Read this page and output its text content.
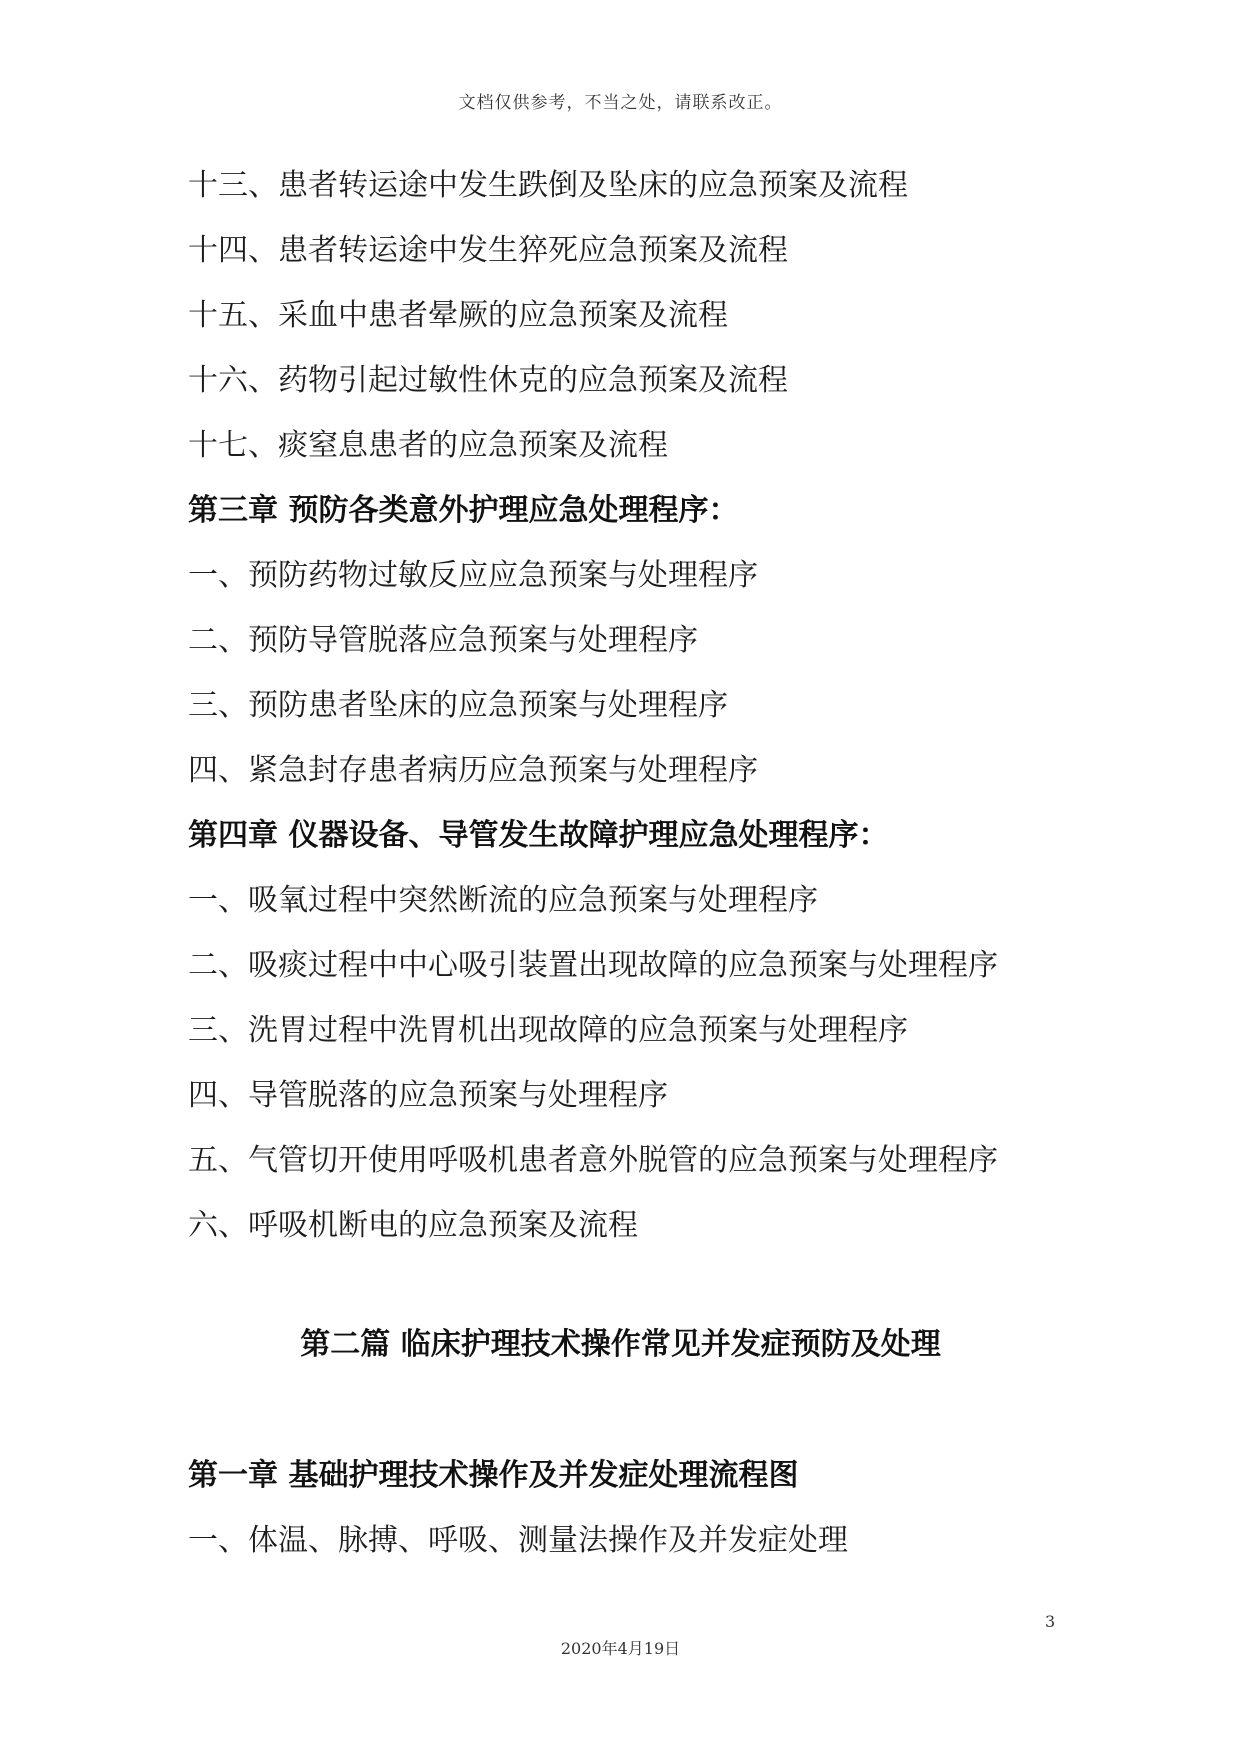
文档仅供参考，不当之处，请联系改正。
十三、患者转运途中发生跌倒及坠床的应急预案及流程
十四、患者转运途中发生猝死应急预案及流程
十五、采血中患者晕厥的应急预案及流程
十六、药物引起过敏性休克的应急预案及流程
十七、痰窒息患者的应急预案及流程
第三章 预防各类意外护理应急处理程序：
一、预防药物过敏反应应急预案与处理程序
二、预防导管脱落应急预案与处理程序
三、预防患者坠床的应急预案与处理程序
四、紧急封存患者病历应急预案与处理程序
第四章 仪器设备、导管发生故障护理应急处理程序：
一、吸氧过程中突然断流的应急预案与处理程序
二、吸痰过程中中心吸引装置出现故障的应急预案与处理程序
三、洗胃过程中洗胃机出现故障的应急预案与处理程序
四、导管脱落的应急预案与处理程序
五、气管切开使用呼吸机患者意外脱管的应急预案与处理程序
六、呼吸机断电的应急预案及流程
第二篇 临床护理技术操作常见并发症预防及处理
第一章 基础护理技术操作及并发症处理流程图
一、体温、脉搏、呼吸、测量法操作及并发症处理
3
2020年4月19日
